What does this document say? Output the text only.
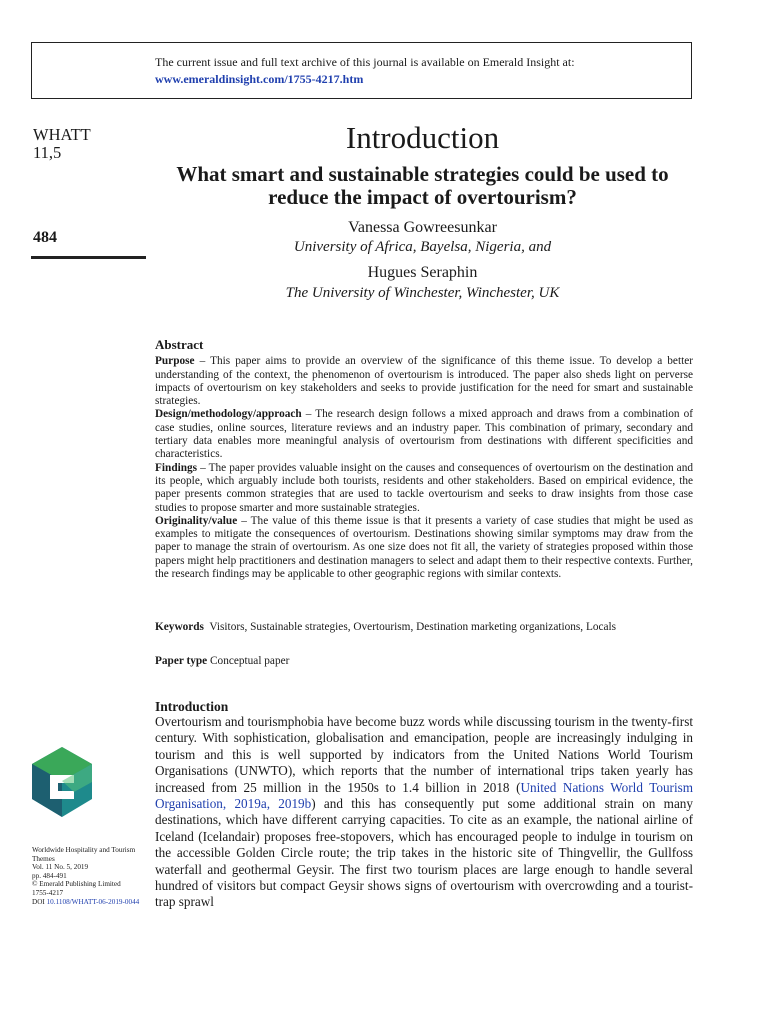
The current issue and full text archive of this journal is available on Emerald Insight at:
www.emeraldinsight.com/1755-4217.htm
WHATT
11,5
484
Introduction
What smart and sustainable strategies could be used to reduce the impact of overtourism?
Vanessa Gowreesunkar
University of Africa, Bayelsa, Nigeria, and
Hugues Seraphin
The University of Winchester, Winchester, UK
Abstract

Purpose – This paper aims to provide an overview of the significance of this theme issue. To develop a better understanding of the context, the phenomenon of overtourism is introduced. The paper also sheds light on perverse impacts of overtourism on key stakeholders and seeks to provide justification for the need for smart and sustainable strategies.

Design/methodology/approach – The research design follows a mixed approach and draws from a combination of case studies, online sources, literature reviews and an industry paper. This combination of primary, secondary and tertiary data enables more meaningful analysis of overtourism from destinations with different specificities and characteristics.

Findings – The paper provides valuable insight on the causes and consequences of overtourism on the destination and its people, which arguably include both tourists, residents and other stakeholders. Based on empirical evidence, the paper presents common strategies that are used to tackle overtourism and seeks to draw insights from those case studies to propose smarter and more sustainable strategies.

Originality/value – The value of this theme issue is that it presents a variety of case studies that might be used as examples to mitigate the consequences of overtourism. Destinations showing similar symptoms may draw from the paper to manage the strain of overtourism. As one size does not fit all, the variety of strategies proposed within those papers might help practitioners and destination managers to select and adapt them to their respective contexts. Further, the research findings may be applicable to other geographic regions with similar contexts.

Keywords Visitors, Sustainable strategies, Overtourism, Destination marketing organizations, Locals
Paper type Conceptual paper
Introduction
Overtourism and tourismphobia have become buzz words while discussing tourism in the twenty-first century. With sophistication, globalisation and emancipation, people are increasingly indulging in tourism and this is well supported by indicators from the United Nations World Tourism Organisations (UNWTO), which reports that the number of international trips taken yearly has increased from 25 million in the 1950s to 1.4 billion in 2018 (United Nations World Tourism Organisation, 2019a, 2019b) and this has consequently put some additional strain on many destinations, which have different carrying capacities. To cite as an example, the national airline of Iceland (Icelandair) proposes free-stopovers, which has encouraged people to indulge in tourism on the accessible Golden Circle route; the trip takes in the historic site of Thingvellir, the Gullfoss waterfall and geothermal Geysir. The first two tourism places are large enough to handle several hundred of visitors but compact Geysir shows signs of overtourism with overcrowding and a tourist-trap sprawl
Worldwide Hospitality and Tourism Themes
Vol. 11 No. 5, 2019
pp. 484-491
© Emerald Publishing Limited
1755-4217
DOI 10.1108/WHATT-06-2019-0044
